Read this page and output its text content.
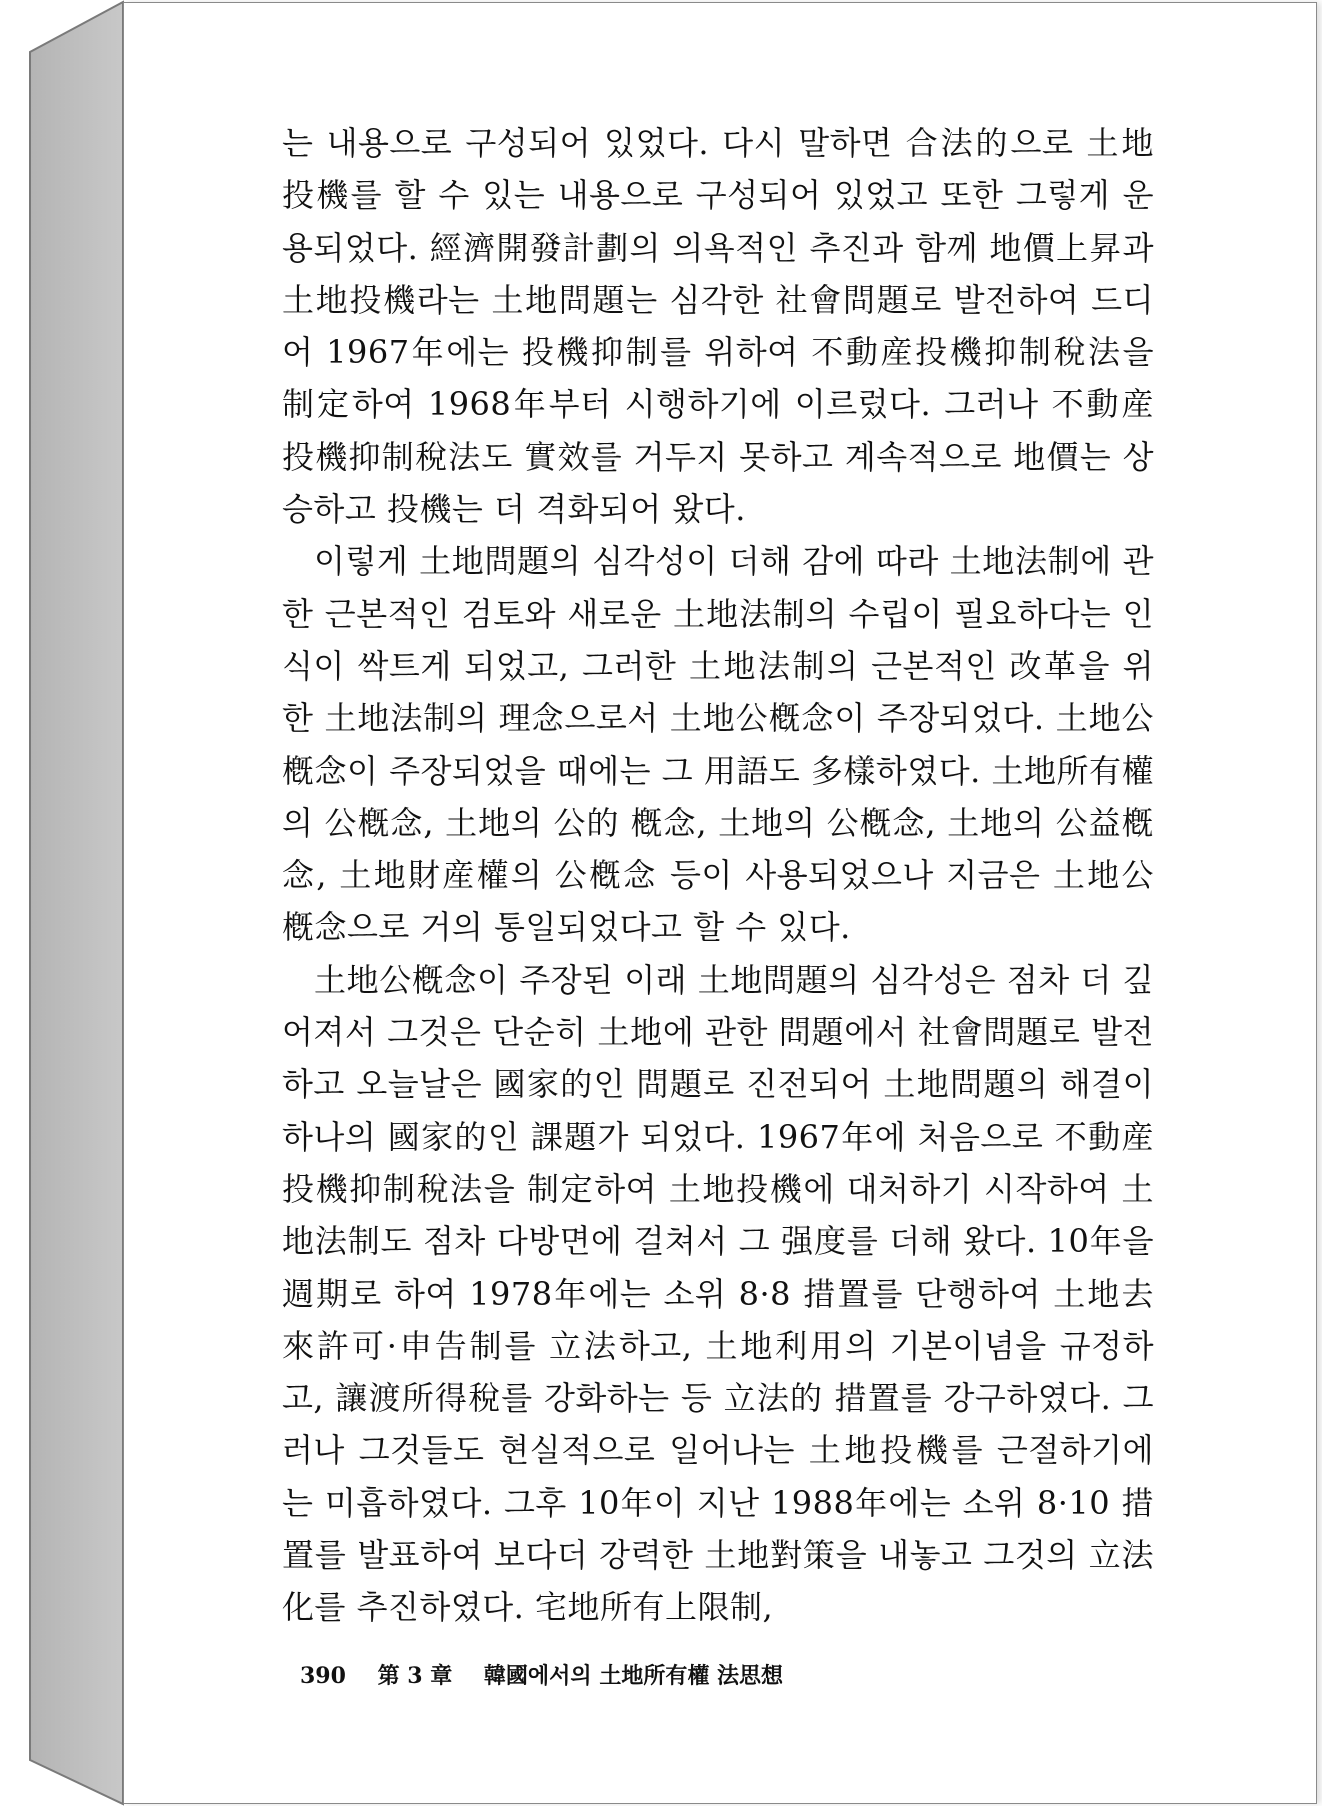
는 내용으로 구성되어 있었다. 다시 말하면 合法的으로 土地投機를 할 수 있는 내용으로 구성되어 있었고 또한 그렇게 운용되었다. 經濟開發計劃의 의욕적인 추진과 함께 地價上昇과 土地投機라는 土地問題는 심각한 社會問題로 발전하여 드디어 1967年에는 投機抑制를 위하여 不動産投機抑制稅法을 制定하여 1968年부터 시행하기에 이르렀다. 그러나 不動産投機抑制稅法도 實效를 거두지 못하고 계속적으로 地價는 상승하고 投機는 더 격화되어 왔다.

이렇게 土地問題의 심각성이 더해 감에 따라 土地法制에 관한 근본적인 검토와 새로운 土地法制의 수립이 필요하다는 인식이 싹트게 되었고, 그러한 土地法制의 근본적인 改革을 위한 土地法制의 理念으로서 土地公槪念이 주장되었다. 土地公槪念이 주장되었을 때에는 그 用語도 多樣하였다. 土地所有權의 公槪念, 土地의 公的 槪念, 土地의 公槪念, 土地의 公益槪念, 土地財産權의 公槪念 등이 사용되었으나 지금은 土地公槪念으로 거의 통일되었다고 할 수 있다.

土地公槪念이 주장된 이래 土地問題의 심각성은 점차 더 깊어져서 그것은 단순히 土地에 관한 問題에서 社會問題로 발전하고 오늘날은 國家的인 問題로 진전되어 土地問題의 해결이 하나의 國家的인 課題가 되었다. 1967年에 처음으로 不動産投機抑制稅法을 制定하여 土地投機에 대처하기 시작하여 土地法制도 점차 다방면에 걸쳐서 그 强度를 더해 왔다. 10年을 週期로 하여 1978年에는 소위 8·8 措置를 단행하여 土地去來許可·申告制를 立法하고, 土地利用의 기본이념을 규정하고, 讓渡所得稅를 강화하는 등 立法的 措置를 강구하였다. 그러나 그것들도 현실적으로 일어나는 土地投機를 근절하기에는 미흡하였다. 그후 10年이 지난 1988年에는 소위 8·10 措置를 발표하여 보다더 강력한 土地對策을 내놓고 그것의 立法化를 추진하였다. 宅地所有上限制,

390 第 3 章 韓國에서의 土地所有權 法思想
